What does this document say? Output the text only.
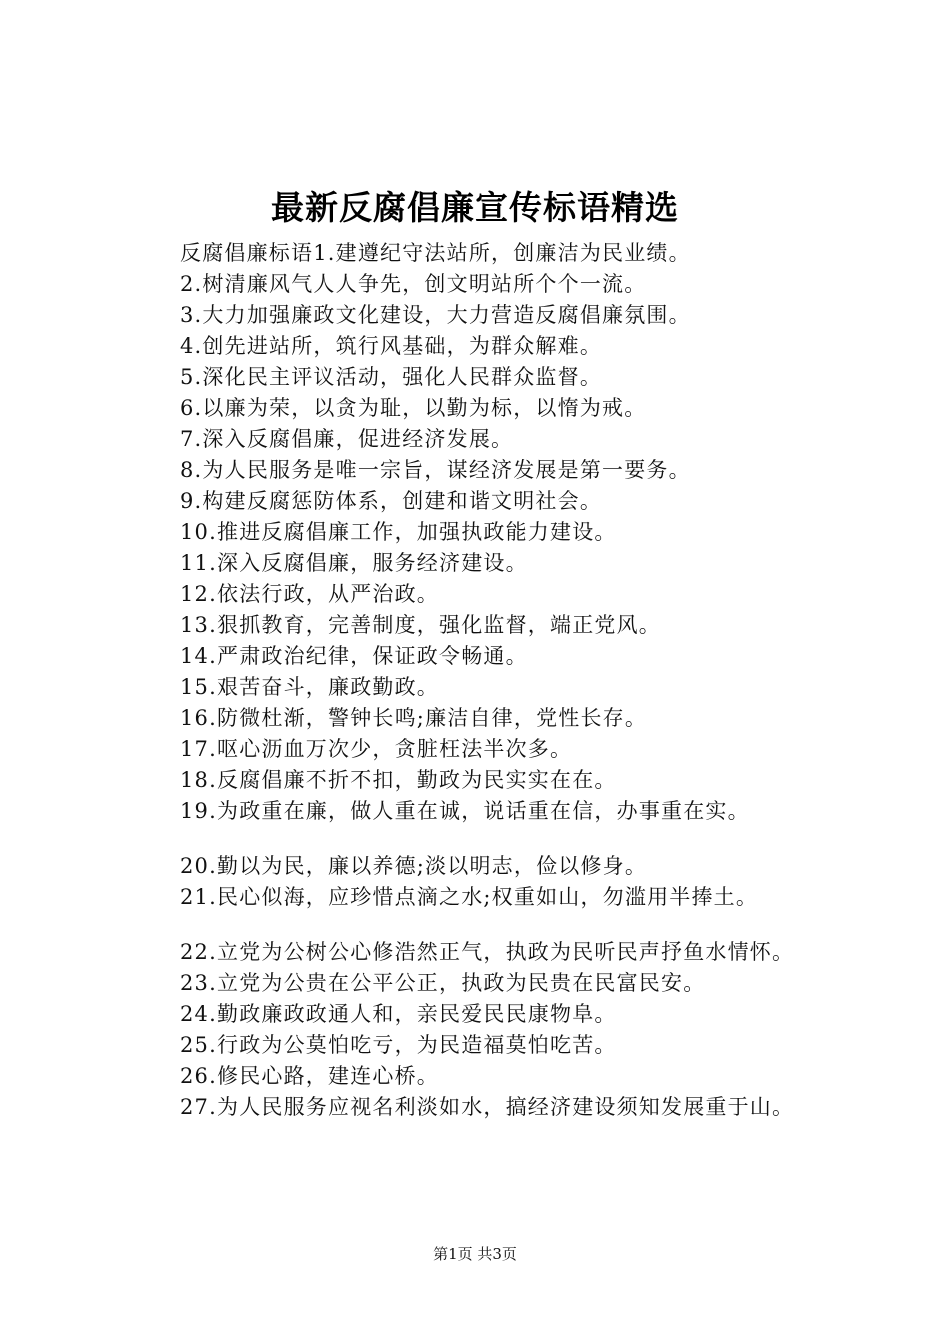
最新反腐倡廉宣传标语精选

反腐倡廉标语1.建遵纪守法站所，创廉洁为民业绩。

2.树清廉风气人人争先，创文明站所个个一流。

3.大力加强廉政文化建设，大力营造反腐倡廉氛围。

4.创先进站所，筑行风基础，为群众解难。

5.深化民主评议活动，强化人民群众监督。

6.以廉为荣，以贪为耻，以勤为标，以惰为戒。

7.深入反腐倡廉，促进经济发展。

8.为人民服务是唯一宗旨，谋经济发展是第一要务。

9.构建反腐惩防体系，创建和谐文明社会。

10.推进反腐倡廉工作，加强执政能力建设。

11.深入反腐倡廉，服务经济建设。

12.依法行政，从严治政。

13.狠抓教育，完善制度，强化监督，端正党风。

14.严肃政治纪律，保证政令畅通。

15.艰苦奋斗，廉政勤政。

16.防微杜渐，警钟长鸣;廉洁自律，党性长存。

17.呕心沥血万次少，贪脏枉法半次多。

18.反腐倡廉不折不扣，勤政为民实实在在。

19.为政重在廉，做人重在诚，说话重在信，办事重在实。

20.勤以为民，廉以养德;淡以明志，俭以修身。

21.民心似海，应珍惜点滴之水;权重如山，勿滥用半捧土。

22.立党为公树公心修浩然正气，执政为民听民声抒鱼水情怀。

23.立党为公贵在公平公正，执政为民贵在民富民安。

24.勤政廉政政通人和，亲民爱民民康物阜。

25.行政为公莫怕吃亏，为民造福莫怕吃苦。

26.修民心路，建连心桥。

27.为人民服务应视名利淡如水，搞经济建设须知发展重于山。

第1页 共3页
